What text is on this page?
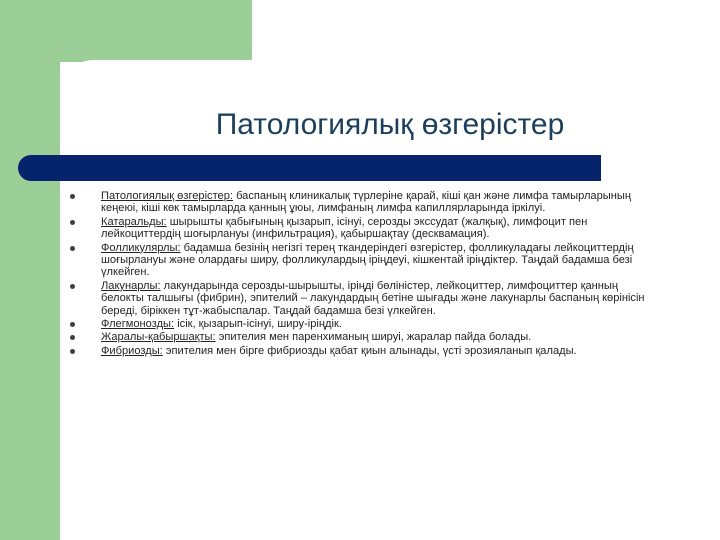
Патологиялық өзгерістер
Патологиялық өзгерістер: баспаның клиникалық түрлеріне қарай, кіші қан және лимфа тамырларының кеңеюі, кіші көк тамырларда қанның ұюы, лимфаның лимфа капиллярларында іркілуі.
Катаральды: шырышты қабығының қызарып, ісінуі, серозды экссудат (жалқық), лимфоцит пен лейкоциттердің шоғырлануы (инфильтрация), қабыршақтау (десквамация).
Фолликулярлы: бадамша безінің негізгі терең ткандеріндегі өзгерістер, фолликуладағы лейкоциттердің шоғырлануы және олардағы ширу, фолликулардың іріңдеуі, кішкентай іріңдіктер. Таңдай бадамша безі үлкейген.
Лакунарлы: лакундарында серозды-шырышты, ірің‍ді бөліністер, лейкоциттер, лимфоцит‍тер қанның белокты талшығы (фибрин), эпителий – лакундардың бетіне шығады және лакунарлы баспаның көрінісін береді, біріккен тұт-жабыспалар. Таңдай бадамша безі үлкейген.
Флегмонозды: ісік, қызарып-ісінуі, ширу-іріңдік.
Жаралы-қабыршақты: эпителия мен паренхиманың шируі, жаралар пайда болады.
Фибриозды: эпителия мен бірге фибриозды қабат қиын алынады, үсті эрозияланып қалады.
